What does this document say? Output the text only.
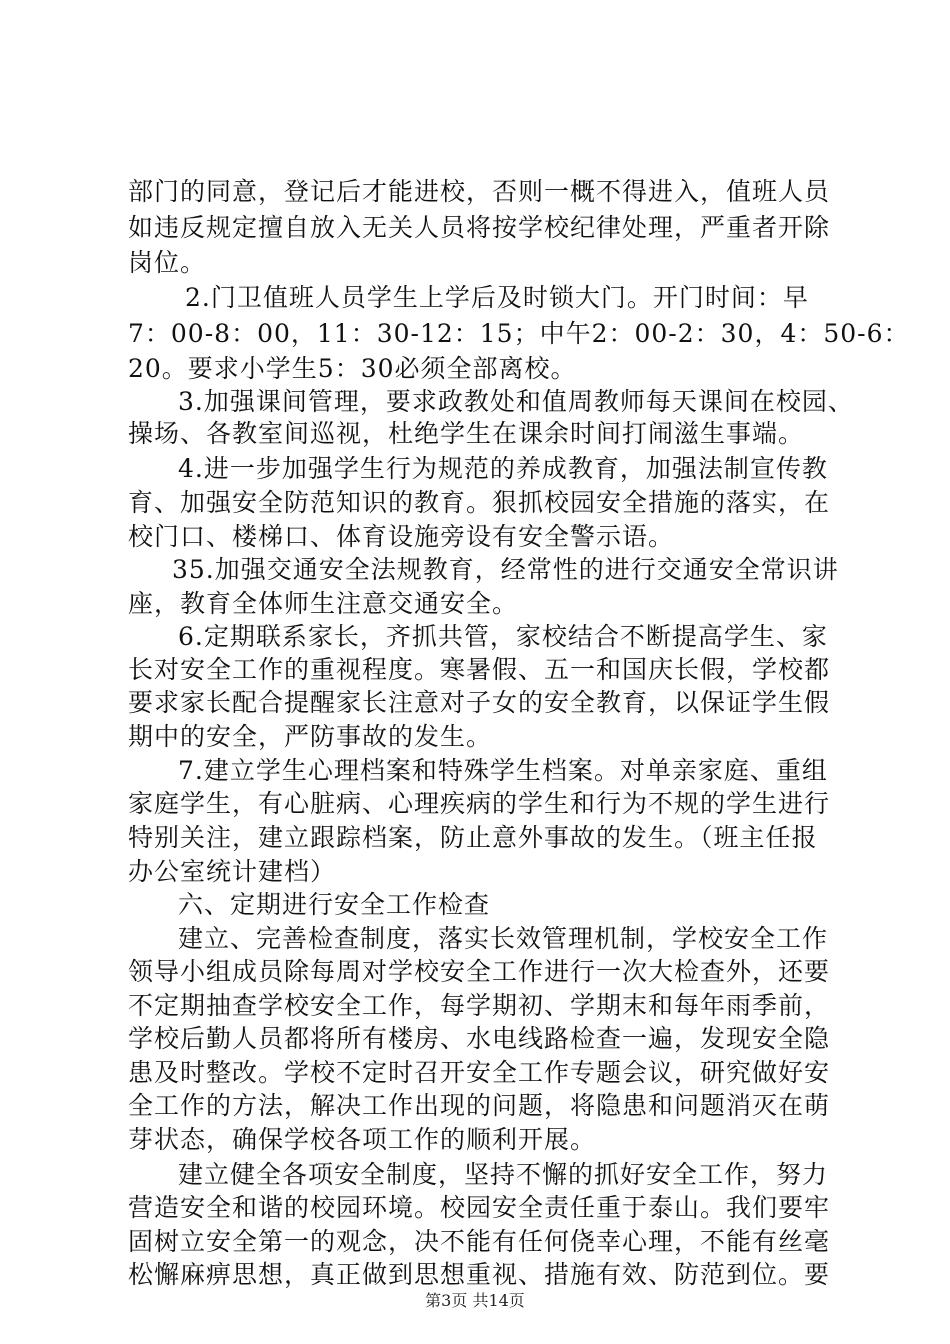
部门的同意，登记后才能进校，否则一概不得进入，值班人员
如违反规定擅自放入无关人员将按学校纪律处理，严重者开除
岗位。
2.门卫值班人员学生上学后及时锁大门。开门时间：早
7：00-8：00，11：30-12：15；中午2：00-2：30，4：50-6：
20。要求小学生5：30必须全部离校。
3.加强课间管理，要求政教处和值周教师每天课间在校园、
操场、各教室间巡视，杜绝学生在课余时间打闹滋生事端。
4.进一步加强学生行为规范的养成教育，加强法制宣传教
育、加强安全防范知识的教育。狠抓校园安全措施的落实，在
校门口、楼梯口、体育设施旁设有安全警示语。
35.加强交通安全法规教育，经常性的进行交通安全常识讲
座，教育全体师生注意交通安全。
6.定期联系家长，齐抓共管，家校结合不断提高学生、家
长对安全工作的重视程度。寒暑假、五一和国庆长假，学校都
要求家长配合提醒家长注意对子女的安全教育，以保证学生假
期中的安全，严防事故的发生。
7.建立学生心理档案和特殊学生档案。对单亲家庭、重组
家庭学生，有心脏病、心理疾病的学生和行为不规的学生进行
特别关注，建立跟踪档案，防止意外事故的发生。（班主任报
办公室统计建档）
六、定期进行安全工作检查
建立、完善检查制度，落实长效管理机制，学校安全工作
领导小组成员除每周对学校安全工作进行一次大检查外，还要
不定期抽查学校安全工作，每学期初、学期末和每年雨季前，
学校后勤人员都将所有楼房、水电线路检查一遍，发现安全隐
患及时整改。学校不定时召开安全工作专题会议，研究做好安
全工作的方法，解决工作出现的问题，将隐患和问题消灭在萌
芽状态，确保学校各项工作的顺利开展。
建立健全各项安全制度，坚持不懈的抓好安全工作，努力
营造安全和谐的校园环境。校园安全责任重于泰山。我们要牢
固树立安全第一的观念，决不能有任何侥幸心理，不能有丝毫
松懈麻痹思想，真正做到思想重视、措施有效、防范到位。要
第3页 共14页
